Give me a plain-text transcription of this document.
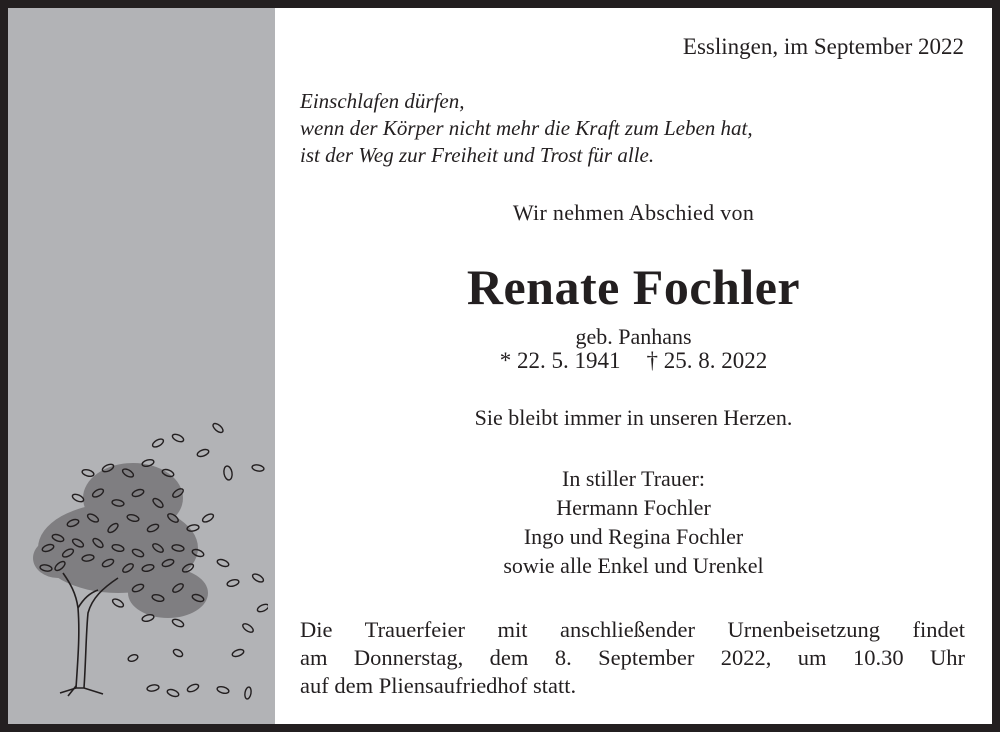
Esslingen, im September 2022
Einschlafen dürfen,
wenn der Körper nicht mehr die Kraft zum Leben hat,
ist der Weg zur Freiheit und Trost für alle.
Wir nehmen Abschied von
Renate Fochler
geb. Panhans
* 22. 5. 1941 † 25. 8. 2022
Sie bleibt immer in unseren Herzen.
In stiller Trauer:
Hermann Fochler
Ingo und Regina Fochler
sowie alle Enkel und Urenkel
Die Trauerfeier mit anschließender Urnenbeisetzung findet
am Donnerstag, dem 8. September 2022, um 10.30 Uhr
auf dem Pliensaufriedhof statt.
